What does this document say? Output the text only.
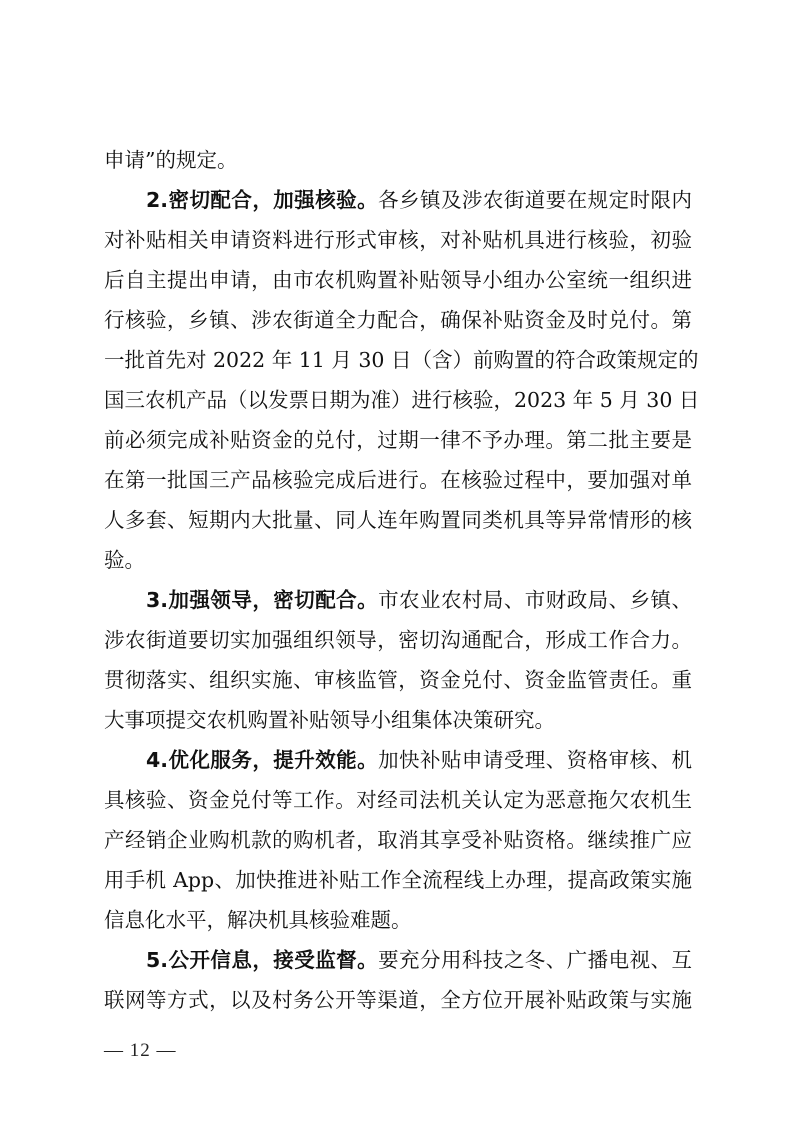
申请”的规定。
2.密切配合，加强核验。各乡镇及涉农街道要在规定时限内
对补贴相关申请资料进行形式审核，对补贴机具进行核验，初验
后自主提出申请，由市农机购置补贴领导小组办公室统一组织进
行核验，乡镇、涉农街道全力配合，确保补贴资金及时兑付。第
一批首先对 2022 年 11 月 30 日（含）前购置的符合政策规定的
国三农机产品（以发票日期为准）进行核验，2023 年 5 月 30 日
前必须完成补贴资金的兑付，过期一律不予办理。第二批主要是
在第一批国三产品核验完成后进行。在核验过程中，要加强对单
人多套、短期内大批量、同人连年购置同类机具等异常情形的核
验。
3.加强领导，密切配合。市农业农村局、市财政局、乡镇、
涉农街道要切实加强组织领导，密切沟通配合，形成工作合力。
贯彻落实、组织实施、审核监管，资金兑付、资金监管责任。重
大事项提交农机购置补贴领导小组集体决策研究。
4.优化服务，提升效能。加快补贴申请受理、资格审核、机
具核验、资金兑付等工作。对经司法机关认定为恶意拖欠农机生
产经销企业购机款的购机者，取消其享受补贴资格。继续推广应
用手机 App、加快推进补贴工作全流程线上办理，提高政策实施
信息化水平，解决机具核验难题。
5.公开信息，接受监督。要充分用科技之冬、广播电视、互
联网等方式，以及村务公开等渠道，全方位开展补贴政策与实施
— 12 —
